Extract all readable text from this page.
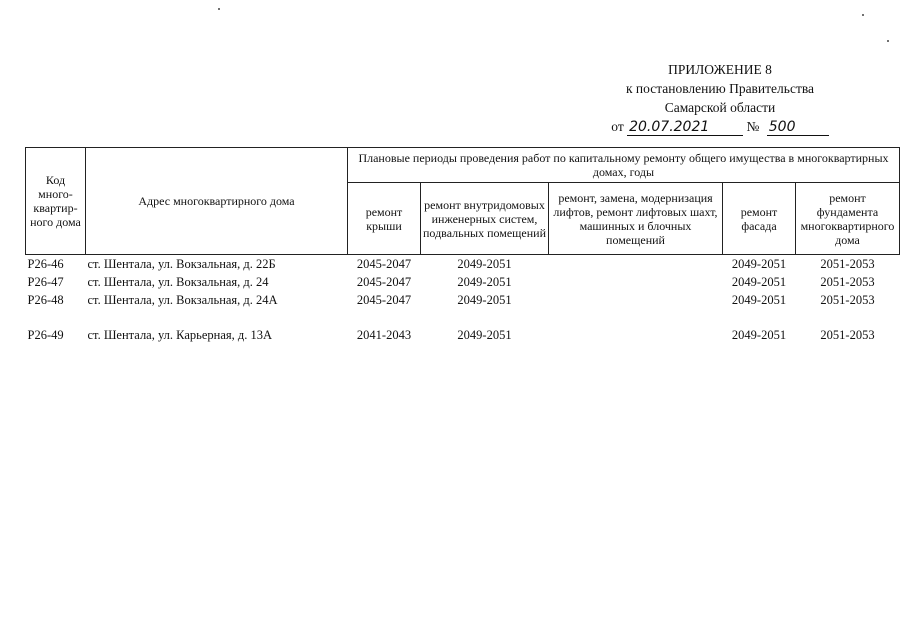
ПРИЛОЖЕНИЕ 8
к постановлению Правительства
Самарской области
от 20.07.2021	№ 500
Код много-квартир-ного дома	Адрес многоквартирного дома	Плановые периоды проведения работ по капитальному ремонту общего имущества в многоквартирных домах, годы				
		ремонт крыши	ремонт внутридомовых инженерных систем, подвальных помещений	ремонт, замена, модернизация лифтов, ремонт лифтовых шахт, машинных и блочных помещений	ремонт фасада	ремонт фундамента многоквартирного дома
Р26-46	ст. Шентала, ул. Вокзальная, д. 22Б	2045-2047	2049-2051		2049-2051	2051-2053
Р26-47	ст. Шентала, ул. Вокзальная, д. 24	2045-2047	2049-2051		2049-2051	2051-2053
Р26-48	ст. Шентала, ул. Вокзальная, д. 24А	2045-2047	2049-2051		2049-2051	2051-2053

Р26-49	ст. Шентала, ул. Карьерная, д. 13А	2041-2043	2049-2051		2049-2051	2051-2053
